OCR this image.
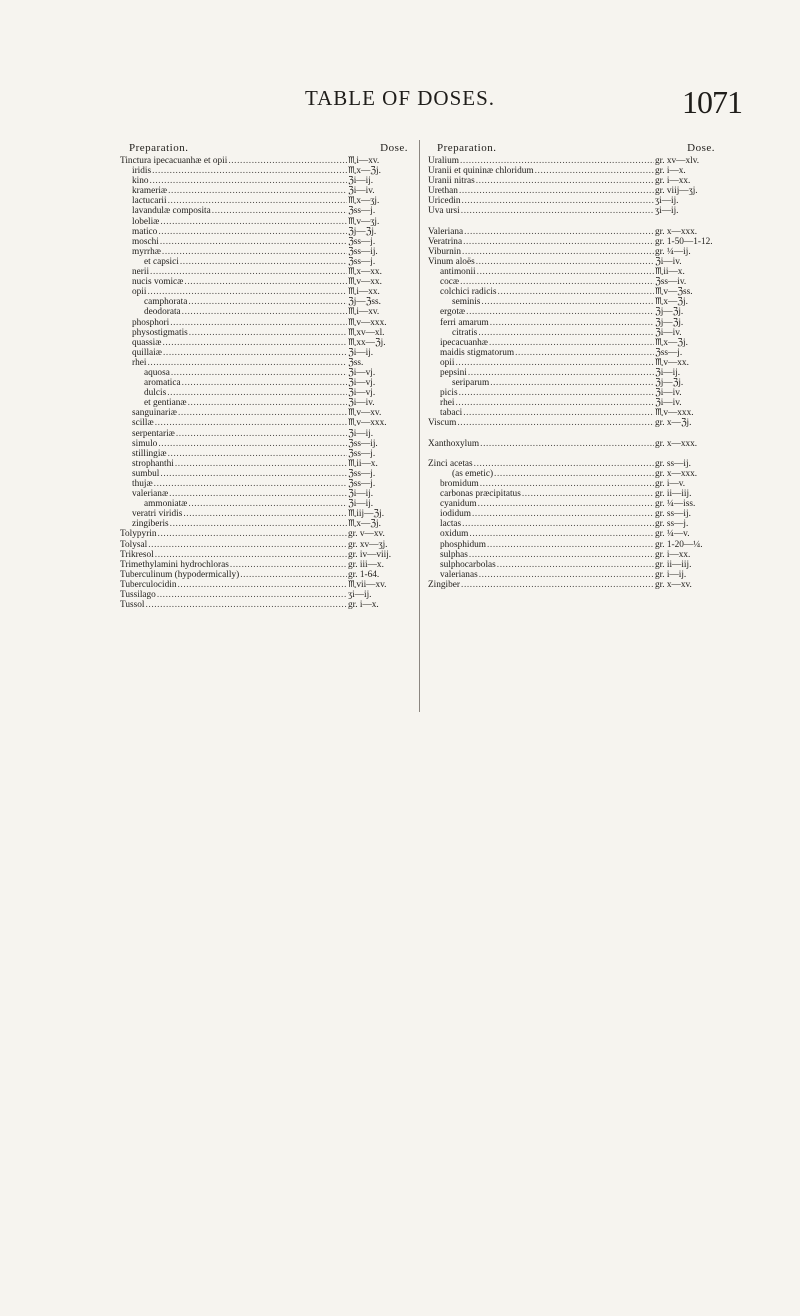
TABLE OF DOSES.	1071
Preparation.	Dose.
Tinctura ipecacuanhæ et opii .....	♏︎i—xv.
iridis .....	♏︎x—ℨj.
kino .....	ℨi—ij.
krameriæ .....	ℨi—iv.
lactucarii .....	♏︎x—ʒj.
lavandulæ composita .....	ℨss—j.
lobeliæ .....	♏︎v—ʒj.
matico .....	ℨj—ℨj.
moschi .....	ℨss—j.
myrrhæ .....	ℨss—ij.
et capsici .....	ℨss—j.
nerii .....	♏︎x—xx.
nucis vomicæ .....	♏︎v—xx.
opii .....	♏︎i—xx.
camphorata .....	ℨj—ℨss.
deodorata .....	♏︎i—xv.
phosphori .....	♏︎v—xxx.
physostigmatis .....	♏︎xv—xl.
quassiæ .....	♏︎xx—ℨj.
quillaiæ .....	ℨi—ij.
rhei .....	ℨss.
aquosa .....	ℨi—vj.
aromatica .....	ℨi—vj.
dulcis .....	ℨi—vj.
et gentianæ .....	ℨi—iv.
sanguinariæ .....	♏︎v—xv.
scillæ .....	♏︎v—xxx.
serpentariæ .....	ℨi—ij.
simulo .....	ℨss—ij.
stillingiæ .....	ℨss—j.
strophanthi .....	♏︎ii—x.
sumbul .....	ℨss—j.
thujæ .....	ℨss—j.
valerianæ .....	ℨi—ij.
ammoniatæ .....	ℨi—ij.
veratri viridis .....	♏︎iij—ℨj.
zingiberis .....	♏︎x—ℨj.
Tolypyrin .....	gr. v—xv.
Tolysal .....	gr. xv—ʒj.
Trikresol .....	gr. iv—viij.
Trimethylamini hydrochloras .....	gr. iii—x.
Tuberculinum (hypodermically) .....	gr. 1-64.
Tuberculocidin .....	♏︎vii—xv.
Tussilago .....	ʒi—ij.
Tussol .....	gr. i—x.
Preparation.	Dose.
Uralium .....	gr. xv—xlv.
Uranii et quininæ chloridum .....	gr. i—x.
Uranii nitras .....	gr. i—xx.
Urethan .....	gr. viij—ʒj.
Uricedin .....	ʒi—ij.
Uva ursi .....	ʒi—ij.
Valeriana .....	gr. x—xxx.
Veratrina .....	gr. 1-50—1-12.
Viburnin .....	gr. ¼—ij.
Vinum aloës .....	ℨi—iv.
antimonii .....	♏︎ii—x.
cocæ .....	ℨss—iv.
colchici radicis .....	♏︎v—ℨss.
seminis .....	♏︎x—ℨj.
ergotæ .....	ℨj—ℨj.
ferri amarum .....	ℨj—ℨj.
citratis .....	ℨi—iv.
ipecacuanhæ .....	♏︎x—ℨj.
maidis stigmatorum .....	ℨss—j.
opii .....	♏︎v—xx.
pepsini .....	ℨi—ij.
seriparum .....	ℨj—ℨj.
picis .....	ℨi—iv.
rhei .....	ℨi—iv.
tabaci .....	♏︎v—xxx.
Viscum .....	gr. x—ℨj.
Xanthoxylum .....	gr. x—xxx.
Zinci acetas .....	gr. ss—ij.
(as emetic) .....	gr. x—xxx.
bromidum .....	gr. i—v.
carbonas præcipitatus .....	gr. ii—iij.
cyanidum .....	gr. ¼—iss.
iodidum .....	gr. ss—ij.
lactas .....	gr. ss—j.
oxidum .....	gr. ¼—v.
phosphidum .....	gr. 1-20—¼.
sulphas .....	gr. i—xx.
sulphocarbolas .....	gr. ii—iij.
valerianas .....	gr. i—ij.
Zingiber .....	gr. x—xv.
